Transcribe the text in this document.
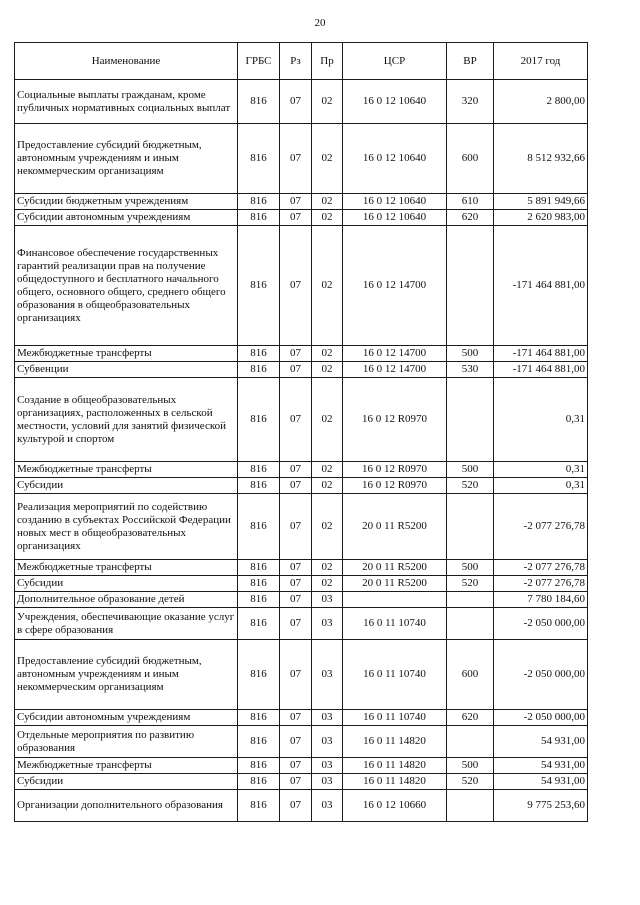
20
Наименование	ГРБС	Рз	Пр	ЦСР	ВР	2017 год
Социальные выплаты гражданам, кроме публичных нормативных социальных выплат	816	07	02	16 0 12 10640	320	2 800,00
Предоставление субсидий бюджетным, автономным учреждениям и иным некоммерческим организациям	816	07	02	16 0 12 10640	600	8 512 932,66
Субсидии бюджетным учреждениям	816	07	02	16 0 12 10640	610	5 891 949,66
Субсидии автономным учреждениям	816	07	02	16 0 12 10640	620	2 620 983,00
Финансовое обеспечение государственных гарантий реализации прав на получение общедоступного и бесплатного начального общего, основного общего, среднего общего образования в общеобразовательных организациях	816	07	02	16 0 12 14700		-171 464 881,00
Межбюджетные трансферты	816	07	02	16 0 12 14700	500	-171 464 881,00
Субвенции	816	07	02	16 0 12 14700	530	-171 464 881,00
Создание в общеобразовательных организациях, расположенных в сельской местности, условий для занятий физической культурой и спортом	816	07	02	16 0 12 R0970		0,31
Межбюджетные трансферты	816	07	02	16 0 12 R0970	500	0,31
Субсидии	816	07	02	16 0 12 R0970	520	0,31
Реализация мероприятий по содействию созданию в субъектах Российской Федерации новых мест в общеобразовательных организациях	816	07	02	20 0 11 R5200		-2 077 276,78
Межбюджетные трансферты	816	07	02	20 0 11 R5200	500	-2 077 276,78
Субсидии	816	07	02	20 0 11 R5200	520	-2 077 276,78
Дополнительное образование детей	816	07	03			7 780 184,60
Учреждения, обеспечивающие оказание услуг в сфере образования	816	07	03	16 0 11 10740		-2 050 000,00
Предоставление субсидий бюджетным, автономным учреждениям и иным некоммерческим организациям	816	07	03	16 0 11 10740	600	-2 050 000,00
Субсидии автономным учреждениям	816	07	03	16 0 11 10740	620	-2 050 000,00
Отдельные мероприятия по развитию образования	816	07	03	16 0 11 14820		54 931,00
Межбюджетные трансферты	816	07	03	16 0 11 14820	500	54 931,00
Субсидии	816	07	03	16 0 11 14820	520	54 931,00
Организации дополнительного образования	816	07	03	16 0 12 10660		9 775 253,60
